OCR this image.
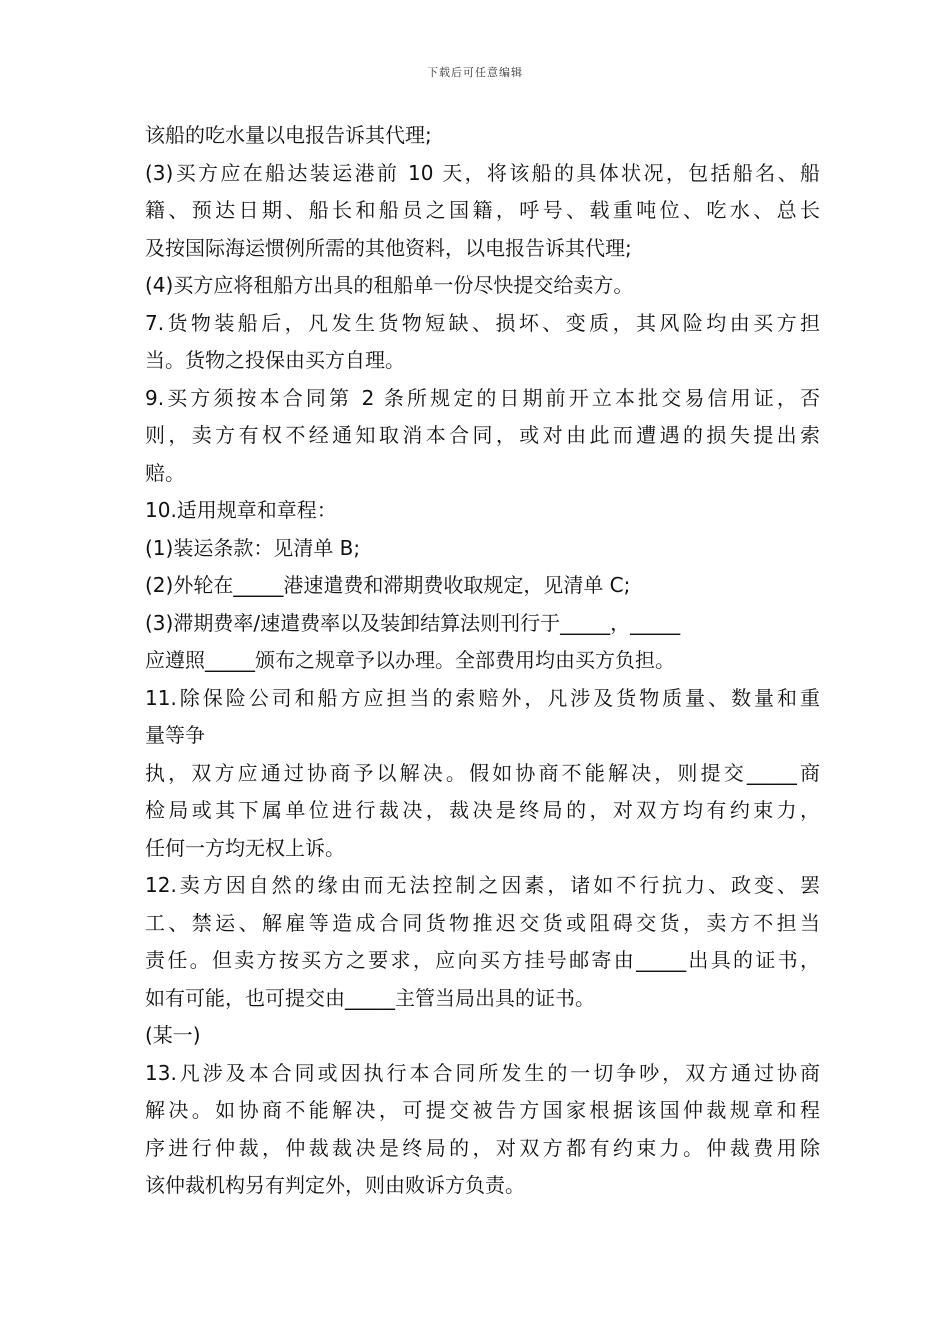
下载后可任意编辑
该船的吃水量以电报告诉其代理;
(3)买方应在船达装运港前 10 天，将该船的具体状况，包括船名、船
籍、预达日期、船长和船员之国籍，呼号、载重吨位、吃水、总长
及按国际海运惯例所需的其他资料，以电报告诉其代理;
(4)买方应将租船方出具的租船单一份尽快提交给卖方。
7.货物装船后，凡发生货物短缺、损坏、变质，其风险均由买方担
当。货物之投保由买方自理。
9.买方须按本合同第 2 条所规定的日期前开立本批交易信用证，否
则，卖方有权不经通知取消本合同，或对由此而遭遇的损失提出索
赔。
10.适用规章和章程：
(1)装运条款：见清单 B;
(2)外轮在_____港速遣费和滞期费收取规定，见清单 C;
(3)滞期费率/速遣费率以及装卸结算法则刊行于_____，_____
应遵照_____颁布之规章予以办理。全部费用均由买方负担。
11.除保险公司和船方应担当的索赔外，凡涉及货物质量、数量和重
量等争
执，双方应通过协商予以解决。假如协商不能解决，则提交_____商
检局或其下属单位进行裁决，裁决是终局的，对双方均有约束力，
任何一方均无权上诉。
12.卖方因自然的缘由而无法控制之因素，诸如不行抗力、政变、罢
工、禁运、解雇等造成合同货物推迟交货或阻碍交货，卖方不担当
责任。但卖方按买方之要求，应向买方挂号邮寄由_____出具的证书，
如有可能，也可提交由_____主管当局出具的证书。
(某一)
13.凡涉及本合同或因执行本合同所发生的一切争吵，双方通过协商
解决。如协商不能解决，可提交被告方国家根据该国仲裁规章和程
序进行仲裁，仲裁裁决是终局的，对双方都有约束力。仲裁费用除
该仲裁机构另有判定外，则由败诉方负责。
